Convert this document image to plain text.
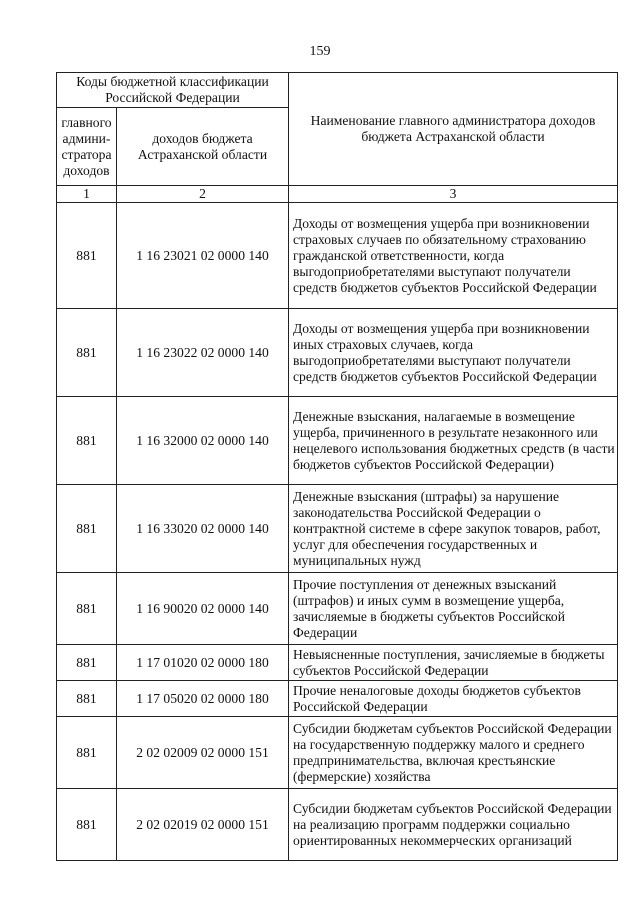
159
Коды бюджетной классификации Российской Федерации		Наименование главного администратора доходов бюджета Астраханской области
главного админи- стратора доходов	доходов бюджета Астраханской области	
1	2	3
881	1 16 23021 02 0000 140	Доходы от возмещения ущерба при возникновении страховых случаев по обязательному страхованию гражданской ответственности, когда выгодоприобретателями выступают получатели средств бюджетов субъектов Российской Федерации
881	1 16 23022 02 0000 140	Доходы от возмещения ущерба при возникновении иных страховых случаев, когда выгодоприобретателями выступают получатели средств бюджетов субъектов Российской Федерации
881	1 16 32000 02 0000 140	Денежные взыскания, налагаемые в возмещение ущерба, причиненного в результате незаконного или нецелевого использования бюджетных средств (в части бюджетов субъектов Российской Федерации)
881	1 16 33020 02 0000 140	Денежные взыскания (штрафы) за нарушение законодательства Российской Федерации о контрактной системе в сфере закупок товаров, работ, услуг для обеспечения государственных и муниципальных нужд
881	1 16 90020 02 0000 140	Прочие поступления от денежных взысканий (штрафов) и иных сумм в возмещение ущерба, зачисляемые в бюджеты субъектов Российской Федерации
881	1 17 01020 02 0000 180	Невыясненные поступления, зачисляемые в бюджеты субъектов Российской Федерации
881	1 17 05020 02 0000 180	Прочие неналоговые доходы бюджетов субъектов Российской Федерации
881	2 02 02009 02 0000 151	Субсидии бюджетам субъектов Российской Федерации на государственную поддержку малого и среднего предпринимательства, включая крестьянские (фермерские) хозяйства
881	2 02 02019 02 0000 151	Субсидии бюджетам субъектов Российской Федерации на реализацию программ поддержки социально ориентированных некоммерческих организаций
